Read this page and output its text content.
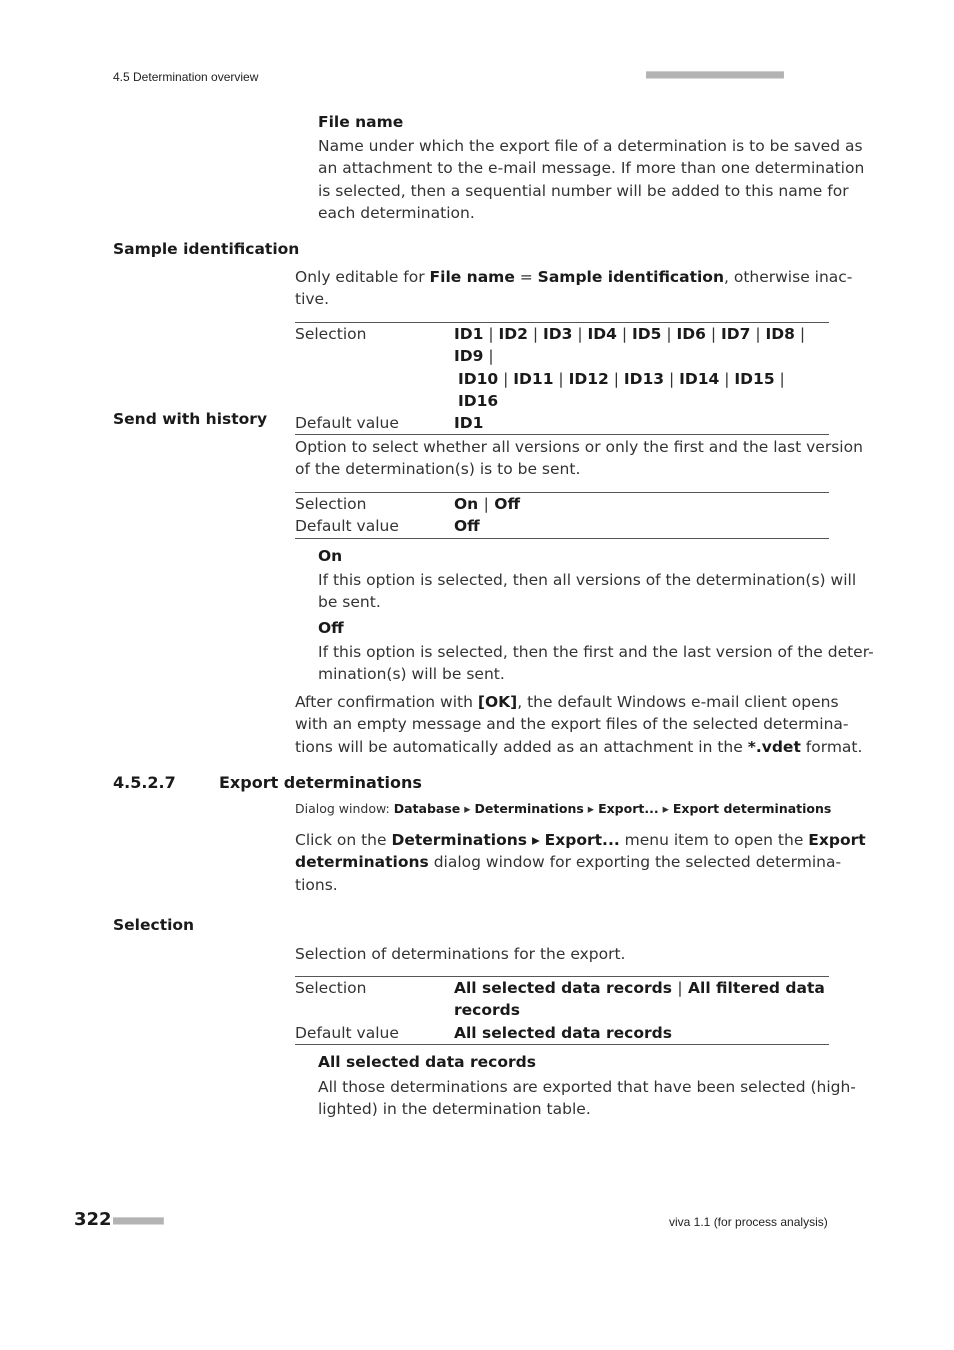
4.5 Determination overview	■■■■■■■■■■■■■■■■■■■■■■
File name
Name under which the export file of a determination is to be saved as
an attachment to the e-mail message. If more than one determination
is selected, then a sequential number will be added to this name for
each determination.
Sample identification
Only editable for File name = Sample identification, otherwise inac-
tive.
Selection	ID1 | ID2 | ID3 | ID4 | ID5 | ID6 | ID7 | ID8 | ID9 |
ID10 | ID11 | ID12 | ID13 | ID14 | ID15 | ID16

Default value	ID1
Send with history
Option to select whether all versions or only the first and the last version
of the determination(s) is to be sent.
Selection	On | Off
Default value	Off
On
If this option is selected, then all versions of the determination(s) will
be sent.
Off
If this option is selected, then the first and the last version of the deter-
mination(s) will be sent.
After confirmation with [OK], the default Windows e-mail client opens
with an empty message and the export files of the selected determina-
tions will be automatically added as an attachment in the *.vdet format.
4.5.2.7	Export determinations
Dialog window: Database ▸ Determinations ▸ Export... ▸ Export determinations
Click on the Determinations ▸ Export... menu item to open the Export
determinations dialog window for exporting the selected determina-
tions.
Selection
Selection of determinations for the export.
Selection	All selected data records | All filtered data
records

Default value	All selected data records
All selected data records
All those determinations are exported that have been selected (high-
lighted) in the determination table.
322 ■■■■■■■■	viva 1.1 (for process analysis)
